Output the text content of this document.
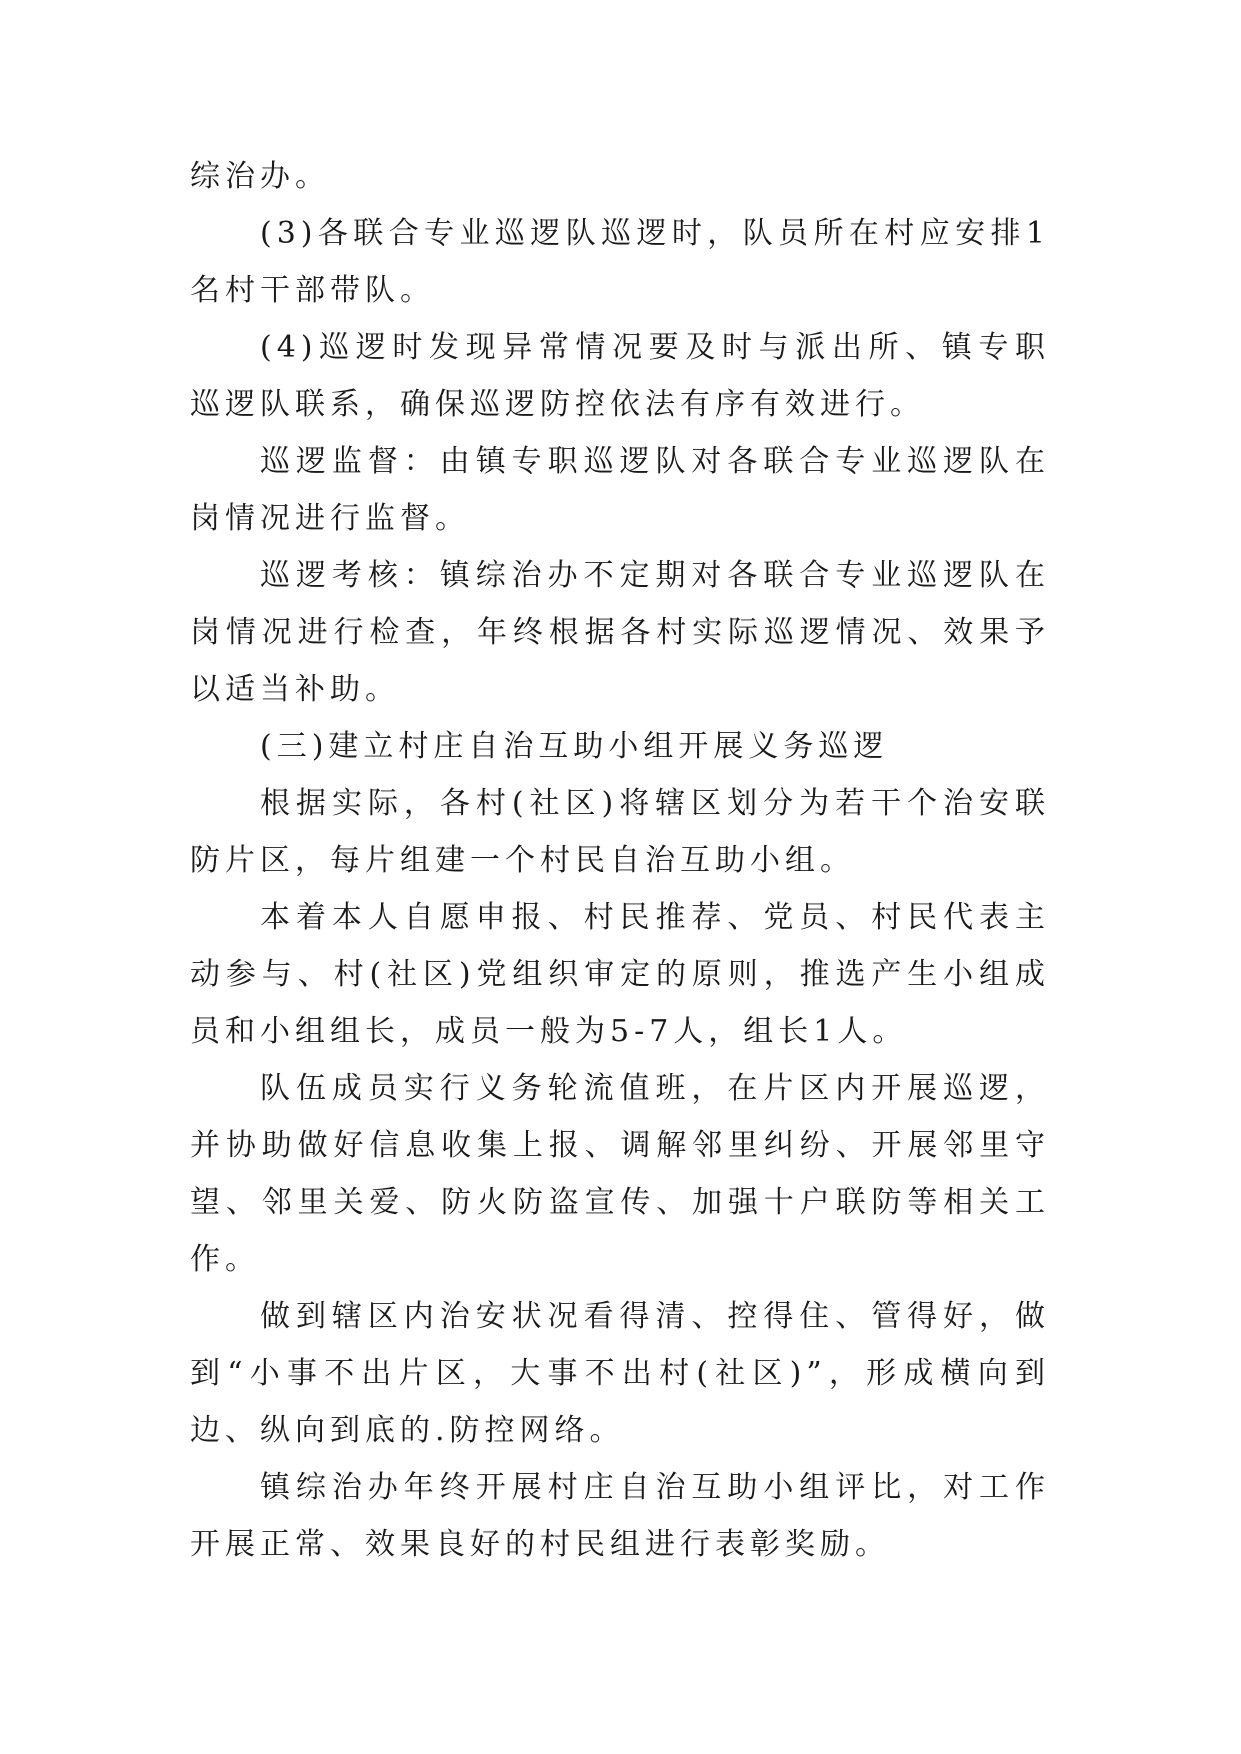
综治办。

(3)各联合专业巡逻队巡逻时，队员所在村应安排1名村干部带队。

(4)巡逻时发现异常情况要及时与派出所、镇专职巡逻队联系，确保巡逻防控依法有序有效进行。

巡逻监督：由镇专职巡逻队对各联合专业巡逻队在岗情况进行监督。

巡逻考核：镇综治办不定期对各联合专业巡逻队在岗情况进行检查，年终根据各村实际巡逻情况、效果予以适当补助。

(三)建立村庄自治互助小组开展义务巡逻

根据实际，各村(社区)将辖区划分为若干个治安联防片区，每片组建一个村民自治互助小组。

本着本人自愿申报、村民推荐、党员、村民代表主动参与、村(社区)党组织审定的原则，推选产生小组成员和小组组长，成员一般为5-7人，组长1人。

队伍成员实行义务轮流值班，在片区内开展巡逻，并协助做好信息收集上报、调解邻里纠纷、开展邻里守望、邻里关爱、防火防盗宣传、加强十户联防等相关工作。

做到辖区内治安状况看得清、控得住、管得好，做到“小事不出片区，大事不出村(社区)”，形成横向到边、纵向到底的.防控网络。

镇综治办年终开展村庄自治互助小组评比，对工作开展正常、效果良好的村民组进行表彰奖励。
